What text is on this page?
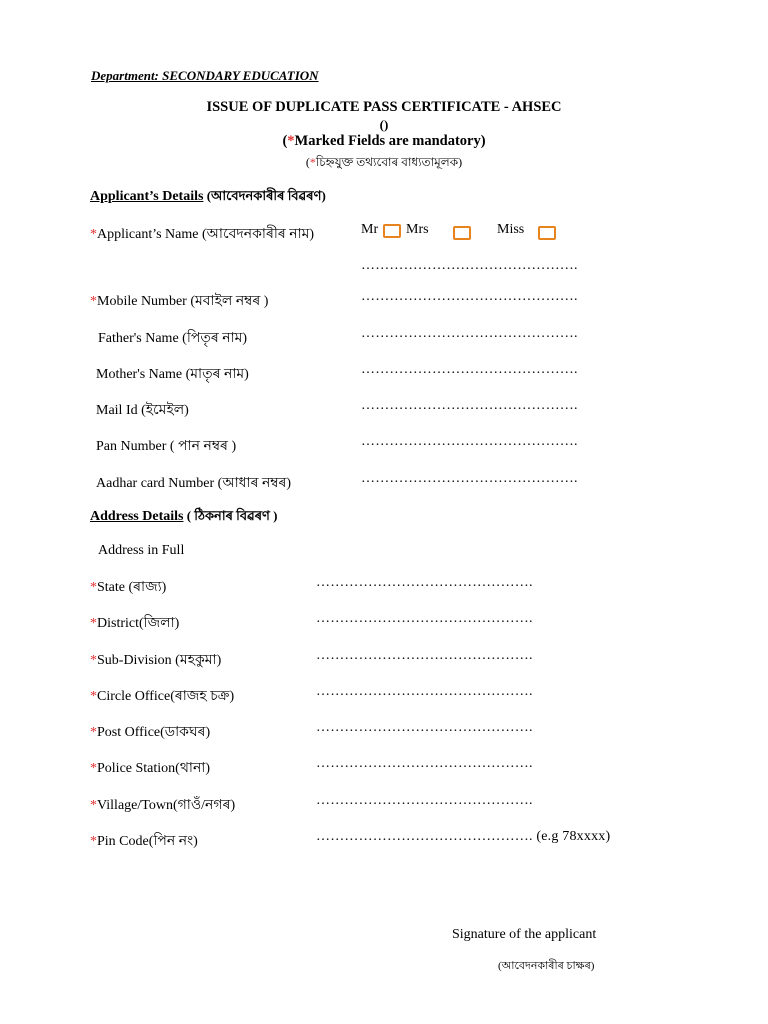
Department: SECONDARY EDUCATION
ISSUE OF DUPLICATE PASS CERTIFICATE - AHSEC
()
(*Marked Fields are mandatory)
(*চিহ্নযুক্ত তথ্যবোৰ বাধ্যতামূলক)
Applicant’s Details (আবেদনকাৰীৰ বিৱৰণ)
*Applicant’s Name (আবেদনকাৰীৰ নাম)	Mr Mrs	Miss
……………………………………….
*Mobile Number (মবাইল নম্বৰ )	……………………………………….
Father's Name (পিতৃৰ নাম)	……………………………………….
Mother's Name (মাতৃৰ নাম)	……………………………………….
Mail Id (ইমেইল)	……………………………………….
Pan Number ( পান নম্বৰ )	……………………………………….
Aadhar card Number (আধাৰ নম্বৰ)	……………………………………….
Address Details ( ঠিকনাৰ বিৱৰণ )
Address in Full
*State (ৰাজ্য)	……………………………………….
*District(জিলা)	……………………………………….
*Sub-Division (মহকুমা)	……………………………………….
*Circle Office(ৰাজহ চক্ৰ)	……………………………………….
*Post Office(ডাকঘৰ)	……………………………………….
*Police Station(থানা)	……………………………………….
*Village/Town(গাওঁ/নগৰ)	……………………………………….
*Pin Code(পিন নং)	………………………………………. (e.g 78xxxx)
Signature of the applicant
(আবেদনকাৰীৰ চাক্ষৰ)
